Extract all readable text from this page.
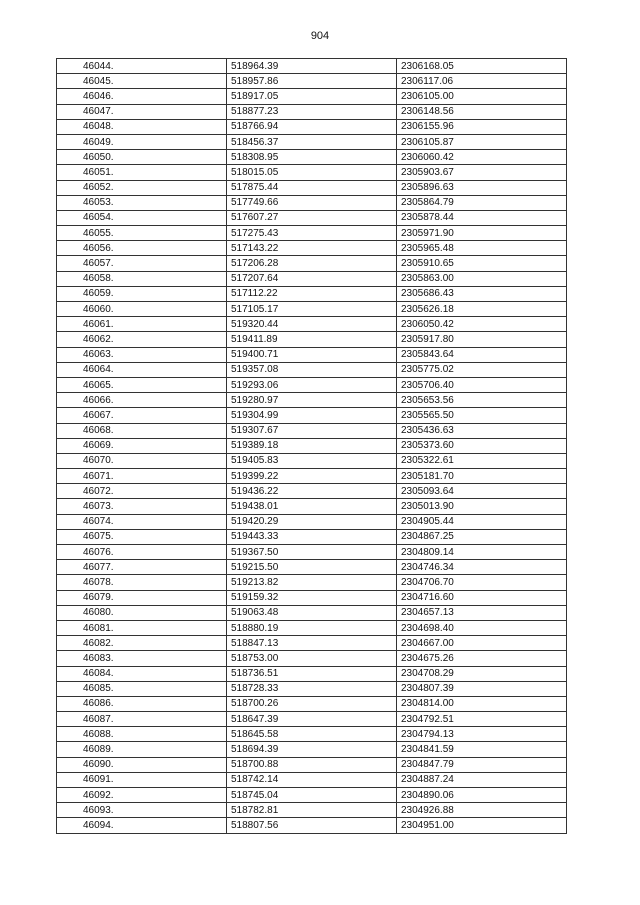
904
46044.	518964.39	2306168.05
46045.	518957.86	2306117.06
46046.	518917.05	2306105.00
46047.	518877.23	2306148.56
46048.	518766.94	2306155.96
46049.	518456.37	2306105.87
46050.	518308.95	2306060.42
46051.	518015.05	2305903.67
46052.	517875.44	2305896.63
46053.	517749.66	2305864.79
46054.	517607.27	2305878.44
46055.	517275.43	2305971.90
46056.	517143.22	2305965.48
46057.	517206.28	2305910.65
46058.	517207.64	2305863.00
46059.	517112.22	2305686.43
46060.	517105.17	2305626.18
46061.	519320.44	2306050.42
46062.	519411.89	2305917.80
46063.	519400.71	2305843.64
46064.	519357.08	2305775.02
46065.	519293.06	2305706.40
46066.	519280.97	2305653.56
46067.	519304.99	2305565.50
46068.	519307.67	2305436.63
46069.	519389.18	2305373.60
46070.	519405.83	2305322.61
46071.	519399.22	2305181.70
46072.	519436.22	2305093.64
46073.	519438.01	2305013.90
46074.	519420.29	2304905.44
46075.	519443.33	2304867.25
46076.	519367.50	2304809.14
46077.	519215.50	2304746.34
46078.	519213.82	2304706.70
46079.	519159.32	2304716.60
46080.	519063.48	2304657.13
46081.	518880.19	2304698.40
46082.	518847.13	2304667.00
46083.	518753.00	2304675.26
46084.	518736.51	2304708.29
46085.	518728.33	2304807.39
46086.	518700.26	2304814.00
46087.	518647.39	2304792.51
46088.	518645.58	2304794.13
46089.	518694.39	2304841.59
46090.	518700.88	2304847.79
46091.	518742.14	2304887.24
46092.	518745.04	2304890.06
46093.	518782.81	2304926.88
46094.	518807.56	2304951.00
